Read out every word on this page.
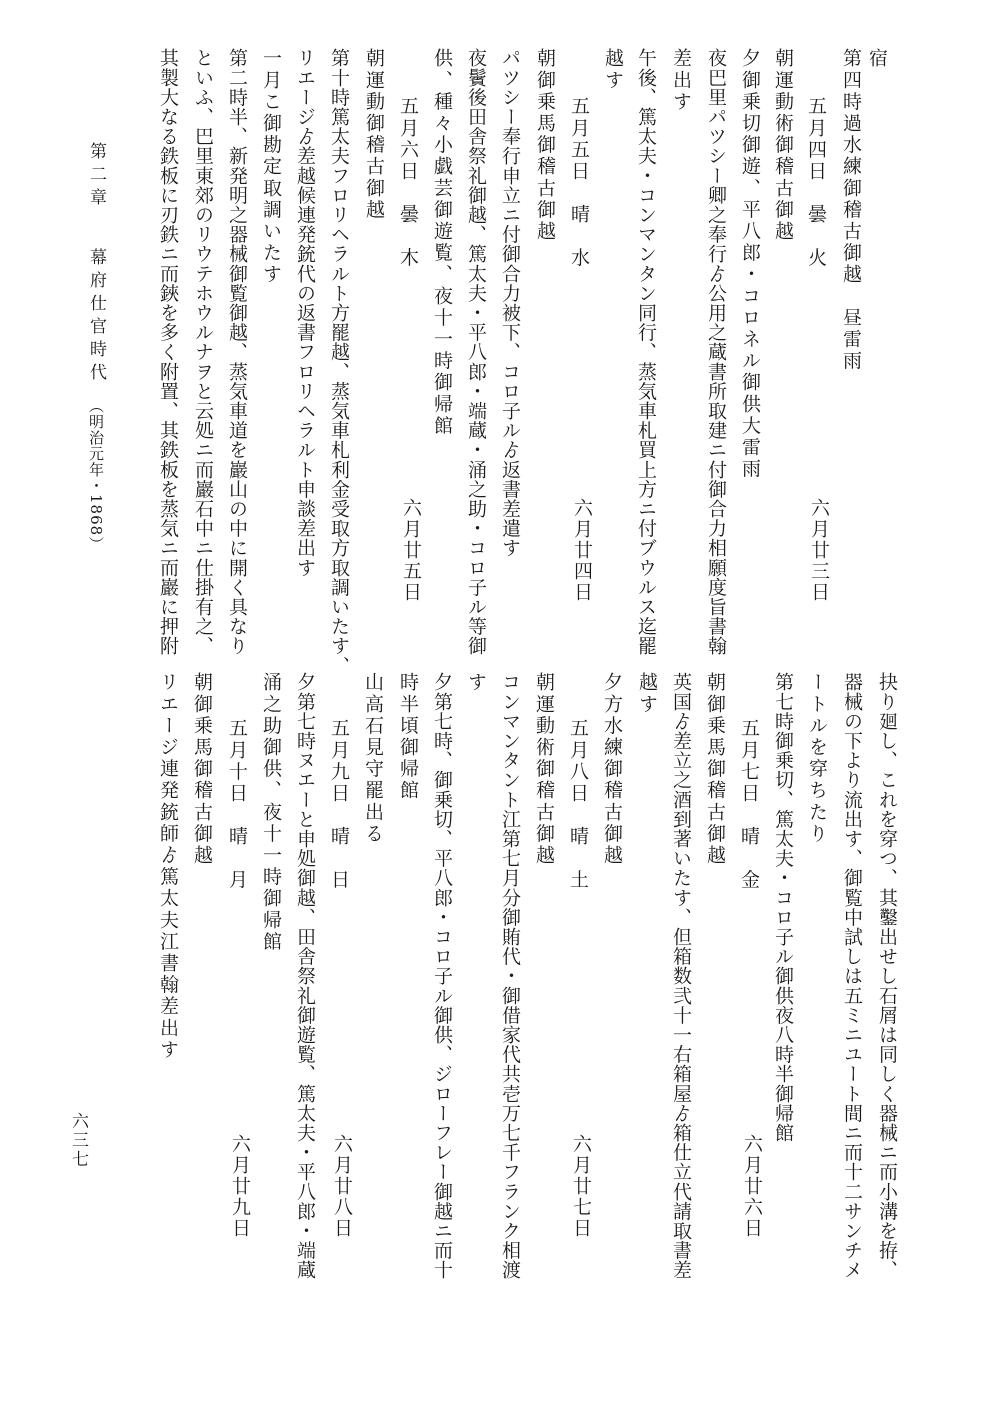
宿
第四時過水練御稽古御越　昼雷雨
五月四日　曇　火
六月廿三日
朝運動術御稽古御越
夕御乗切御遊、平八郎・コロネル御供大雷雨
夜巴里パツシー卿之奉行ゟ公用之蔵書所取建ニ付御合力相願度旨書翰
差出す
午後、篤太夫・コンマンタン同行、蒸気車札買上方ニ付ブウルス迄罷
越す
五月五日　晴　水
六月廿四日
朝御乗馬御稽古御越
パツシー奉行申立ニ付御合力被下、コロ子ルゟ返書差遣す
夜鬢後田舎祭礼御越、篤太夫・平八郎・端蔵・涌之助・コロ子ル等御
供、種々小戯芸御遊覧、夜十一時御帰館
五月六日　曇　木
六月廿五日
朝運動御稽古御越
第十時篤太夫フロリヘラルト方罷越、蒸気車札利金受取方取調いたす、
リエージゟ差越候連発銃代の返書フロリヘラルト申談差出す
一月こ御勘定取調いたす
第二時半、新発明之器械御覧御越、蒸気車道を巖山の中に開く具なり
といふ、巴里東郊のリウテホウルナヲと云処ニ而巖石中ニ仕掛有之、
其製大なる鉄板に刃鉄ニ而鋏を多く附置、其鉄板を蒸気ニ而巖に押附
第二章
幕府仕官時代
（明治元年・1868）
抉り廻し、これを穿つ、其鑿出せし石屑は同しく器械ニ而小溝を拵、
器械の下より流出す、御覧中試しは五ミニユート間ニ而十二サンチメ
ートルを穿ちたり
第七時御乗切、篤太夫・コロ子ル御供夜八時半御帰館
五月七日　晴　金
六月廿六日
朝御乗馬御稽古御越
英国ゟ差立之酒到著いたす、但箱数弐十一右箱屋ゟ箱仕立代請取書差
越す
夕方水練御稽古御越
五月八日　晴　土
六月廿七日
朝運動術御稽古御越
コンマンタント江第七月分御賄代・御借家代共壱万七千フランク相渡
す
夕第七時、御乗切、平八郎・コロ子ル御供、ジローフレー御越ニ而十
時半頃御帰館
山高石見守罷出る
五月九日　晴　日
六月廿八日
夕第七時ヌエーと申処御越、田舎祭礼御遊覧、篤太夫・平八郎・端蔵
涌之助御供、夜十一時御帰館
五月十日　晴　月
六月廿九日
朝御乗馬御稽古御越
リエージ連発銃師ゟ篤太夫江書翰差出す
六三七
